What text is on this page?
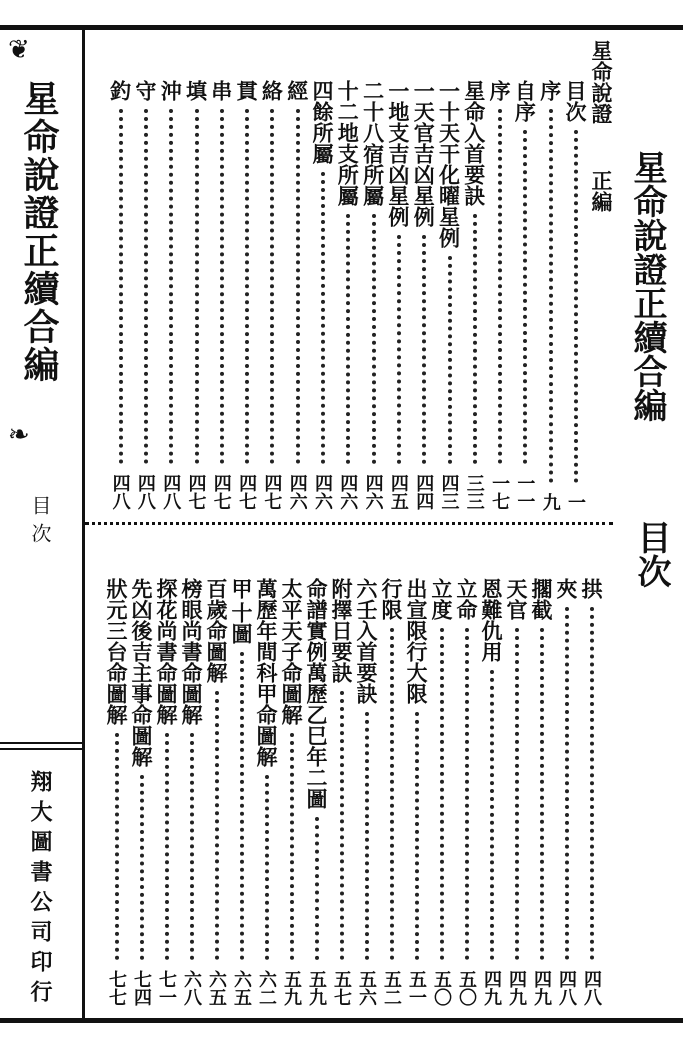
❦
星命說證正續合編
❧
目次
翔大圖書公司印行
星命說證正續合編
目次
星命說證
正編
目次
一
序
九
自序
一一
序
一七
星命入首要訣
三三
一十天干化曜星例
四三
一天官吉凶星例
四四
一地支吉凶星例
四五
二十八宿所屬
四六
十二地支所屬
四六
四餘所屬
四六
經
四六
絡
四七
貫
四七
串
四七
填
四七
沖
四八
守
四八
釣
四八
拱
四八
夾
四八
擱截
四九
天官
四九
恩難仇用
四九
立命
五〇
立度
五〇
出宣限行大限
五一
行限
五二
六壬入首要訣
五六
附擇日要訣
五七
命譜實例萬歷乙巳年二圖
五九
太平天子命圖解
五九
萬歷年間科甲命圖解
六二
甲
十圖
六五
百歲命圖解
六五
榜眼尚書命圖解
六八
探花尚書命圖解
七一
先凶後吉主事命圖解
七四
狀元三台命圖解
七七
